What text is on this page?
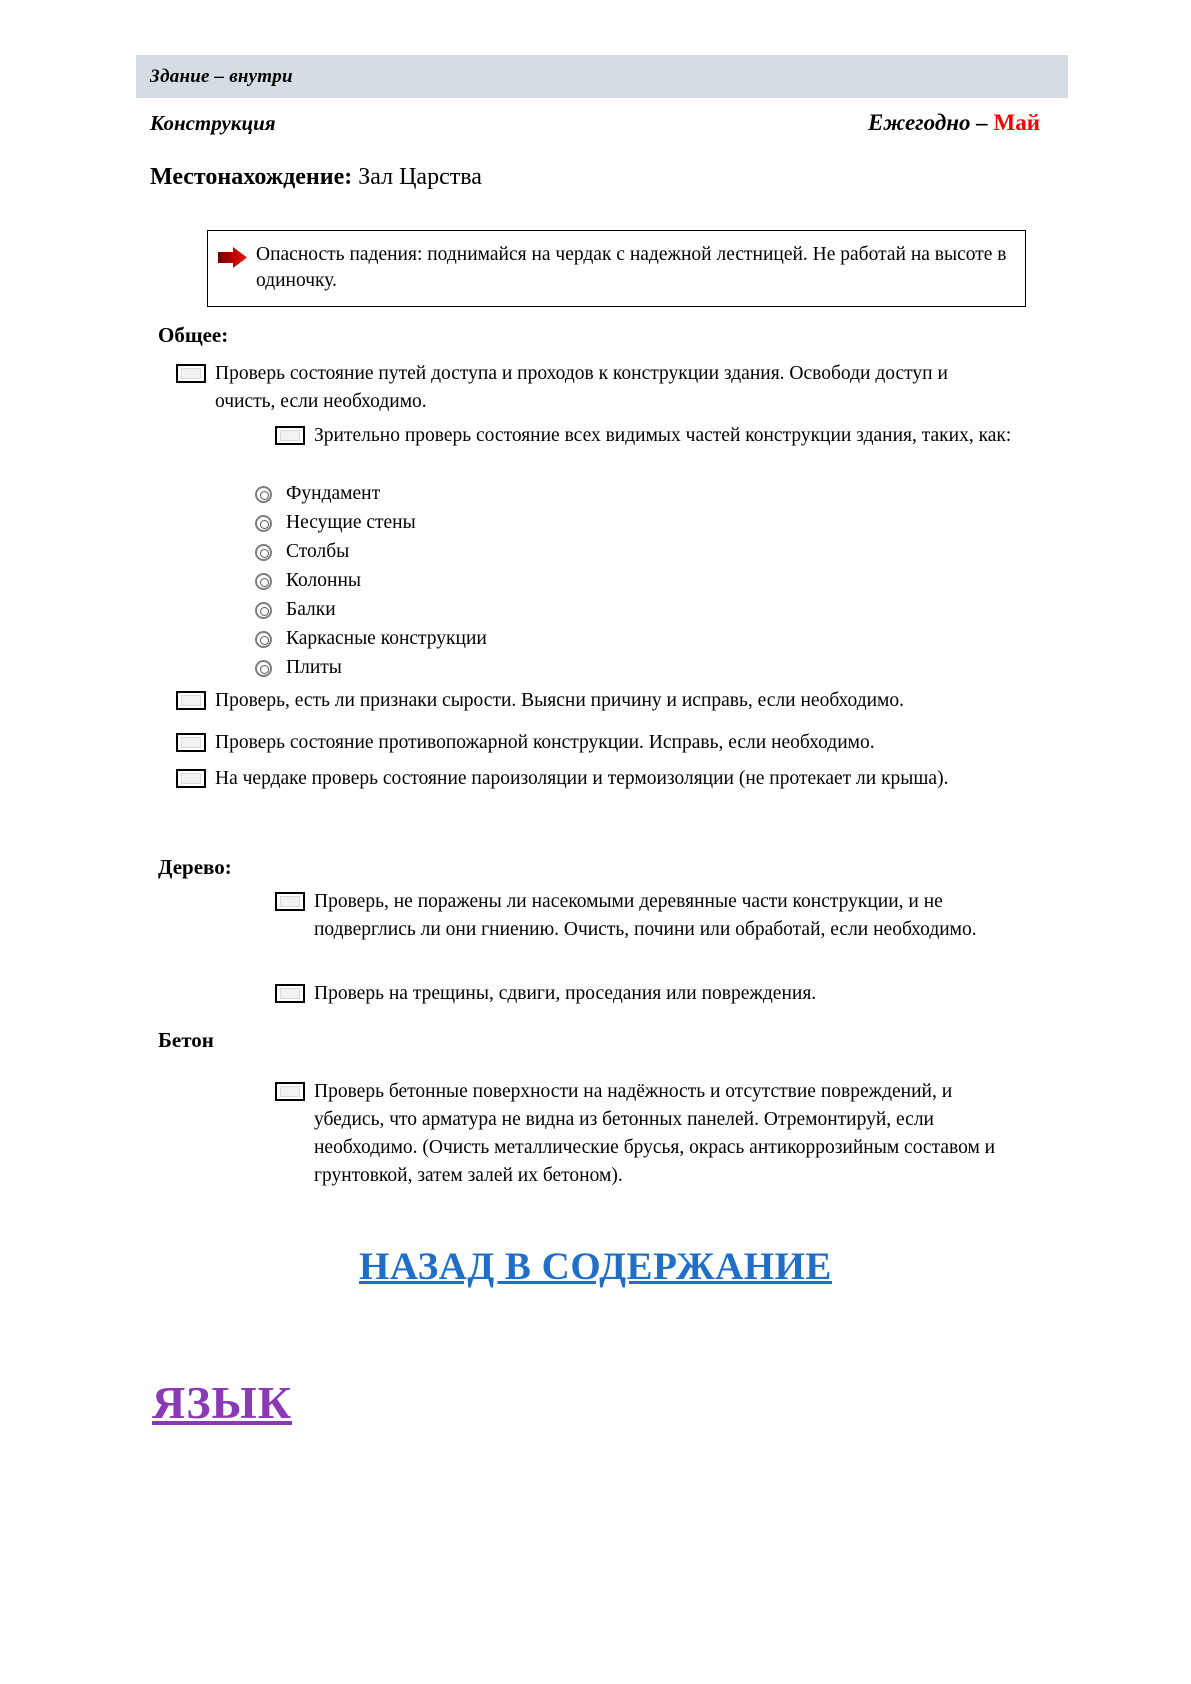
Здание – внутри
Конструкция	Ежегодно – Май
Местонахождение: Зал Царства
Опасность падения: поднимайся на чердак с надежной лестницей. Не работай на высоте в одиночку.
Общее:
Проверь состояние путей доступа и проходов к конструкции здания. Освободи доступ и очисть, если необходимо.
Зрительно проверь состояние всех видимых частей конструкции здания, таких, как:
Фундамент
Несущие стены
Столбы
Колонны
Балки
Каркасные конструкции
Плиты
Проверь, есть ли признаки сырости. Выясни причину и исправь, если необходимо.
Проверь состояние противопожарной конструкции. Исправь, если необходимо.
На чердаке проверь состояние пароизоляции и термоизоляции (не протекает ли крыша).
Дерево:
Проверь, не поражены ли насекомыми деревянные части конструкции, и не подверглись ли они гниению. Очисть, почини или обработай, если необходимо.
Проверь на трещины, сдвиги, проседания или повреждения.
Бетон
Проверь бетонные поверхности на надёжность и отсутствие повреждений, и убедись, что арматура не видна из бетонных панелей. Отремонтируй, если необходимо. (Очисть металлические брусья, окрась антикоррозийным составом и грунтовкой, затем залей их бетоном).
НАЗАД В СОДЕРЖАНИЕ
ЯЗЫК
